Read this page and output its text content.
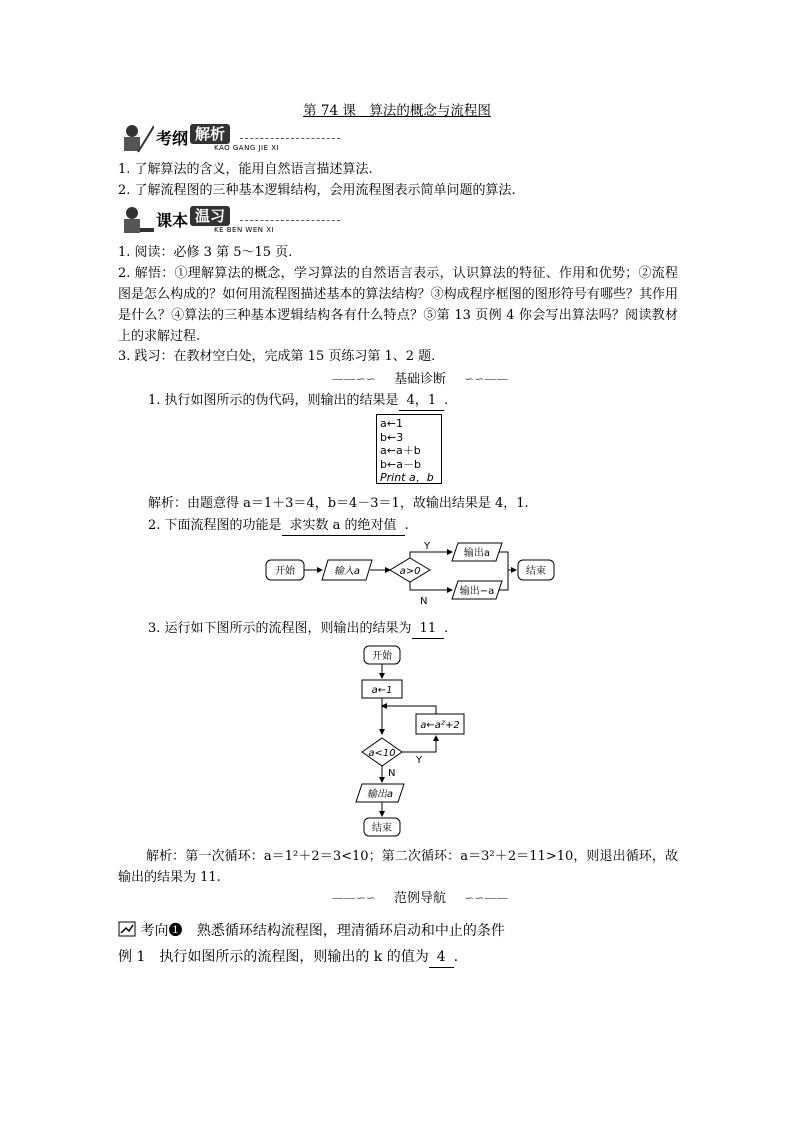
第 74 课　算法的概念与流程图
考纲 解析
KAO GANG JIE XI
1. 了解算法的含义，能用自然语言描述算法.
2. 了解流程图的三种基本逻辑结构，会用流程图表示简单问题的算法.
课本 温习
KE BEN WEN XI
1. 阅读：必修 3 第 5～15 页.
2. 解悟：①理解算法的概念，学习算法的自然语言表示，认识算法的特征、作用和优势；②流程图是怎么构成的？如何用流程图描述基本的算法结构？③构成程序框图的图形符号有哪些？其作用是什么？④算法的三种基本逻辑结构各有什么特点？⑤第 13 页例 4 你会写出算法吗？阅读教材上的求解过程.
3. 践习：在教材空白处，完成第 15 页练习第 1、2 题.
——∽∽ 基础诊断 ∽∽——
1. 执行如图所示的伪代码，则输出的结果是 4，1 .
a←1
b←3
a←a＋b
b←a－b
Print a，b
解析：由题意得 a＝1＋3＝4，b＝4－3＝1，故输出结果是 4，1.
2. 下面流程图的功能是 求实数 a 的绝对值 .
开始	输入a	a>0
Y
N
输出a
输出−a
结束
3. 运行如下图所示的流程图，则输出的结果为 11 .
开始
a←1
a<10
Y
a←a²+2
N
输出a
结束
解析：第一次循环：a＝1²＋2＝3<10；第二次循环：a＝3²＋2＝11>10，则退出循环，故输出的结果为 11.
——∽∽ 范例导航 ∽∽——
考向❶ 熟悉循环结构流程图，理清循环启动和中止的条件
例 1　执行如图所示的流程图，则输出的 k 的值为 4 .
